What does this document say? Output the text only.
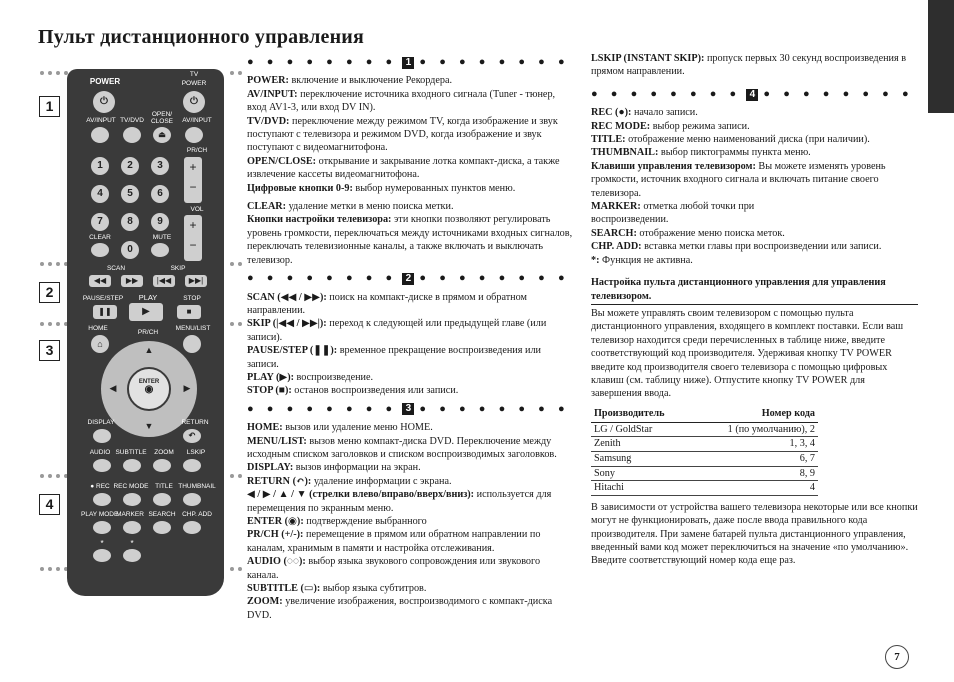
Пульт дистанционного управления
1
2
3
4
POWER
⏻
TV
POWER
⏻
AV/INPUT TV/DVD
OPEN/
CLOSE	AV/INPUT
⏏
PR/CH
+
−
VOL
+
−
1	2	3
4	5	6
7	8	9
CLEAR	MUTE
0
SCAN	SKIP
◀◀	▶▶	|◀◀	▶▶|
PAUSE/STEP	PLAY	STOP
❚❚	▶	■
HOME
PR/CH
MENU/LIST
⌂
▲
▼
◀	▶
ENTER
◉
DISPLAY	RETURN
↶
AUDIO SUBTITLE	ZOOM	LSKIP
● REC REC MODE	TITLE THUMBNAIL
PLAY MODE
MARKER SEARCH	CHP. ADD
*	*
● ● ● ● ● ● ● ● 1 ● ● ● ● ● ● ● ●

POWER: включение и выключение Рекордера.

AV/INPUT: переключение источника входного сигнала (Tuner - тюнер, вход AV1-3, или вход DV IN).

TV/DVD: переключение между режимом TV, когда изображение и звук поступают с телевизора и режимом DVD, когда изображение и звук поступают с видеомагнитофона.

OPEN/CLOSE: открывание и закрывание лотка компакт-диска, а также извлечение кассеты видеомагнитофона.

Цифровые кнопки 0-9: выбор нумерованных пунктов меню.

CLEAR: удаление метки в меню поиска метки.

Кнопки настройки телевизора: эти кнопки позволяют регулировать уровень громкости, переключаться между источниками входных сигналов, переключать телевизионные каналы, а также включать и выключать телевизор.

● ● ● ● ● ● ● ● 2 ● ● ● ● ● ● ● ●

SCAN (◀◀ / ▶▶): поиск на компакт-диске в прямом и обратном направлении.

SKIP (|◀◀ / ▶▶|): переход к следующей или предыдущей главе (или записи).

PAUSE/STEP (❚❚): временное прекращение воспроизведения или записи.

PLAY (▶): воспроизведение.

STOP (■): останов воспроизведения или записи.

● ● ● ● ● ● ● ● 3 ● ● ● ● ● ● ● ●

HOME: вызов или удаление меню HOME.

MENU/LIST: вызов меню компакт-диска DVD. Переключение между исходным списком заголовков и списком воспроизводимых заголовков.

DISPLAY: вызов информации на экран.

RETURN (↶): удаление информации с экрана.

◀ / ▶ / ▲ / ▼ (стрелки влево/вправо/вверх/вниз): используется для перемещения по экранным меню.

ENTER (◉): подтверждение выбранного

PR/CH (+/-): перемещение в прямом или обратном направлении по каналам, хранимым в памяти и настройка отслеживания.

AUDIO (◌◌): выбор языка звукового сопровождения или звукового канала.

SUBTITLE (▭): выбор языка субтитров.

ZOOM: увеличение изображения, воспроизводимого с компакт-диска DVD.

LSKIP (INSTANT SKIP): пропуск первых 30 секунд воспроизведения в прямом направлении.

● ● ● ● ● ● ● ● 4 ● ● ● ● ● ● ● ●

REC (●): начало записи.

REC MODE: выбор режима записи.

TITLE: отображение меню наименований диска (при наличии).

THUMBNAIL: выбор пиктограммы пункта меню.

Клавиши управления телевизором: Вы можете изменять уровень громкости, источник входного сигнала и включать питание своего телевизора.

MARKER: отметка любой точки при воспроизведении.

SEARCH: отображение меню поиска меток.

CHP. ADD: вставка метки главы при воспроизведении или записи.

*: Функция не активна.

Настройка пульта дистанционного управления для управления телевизором.

Вы можете управлять своим телевизором с помощью пульта дистанционного управления, входящего в комплект поставки. Если ваш телевизор находится среди перечисленных в таблице ниже, введите соответствующий код производителя. Удерживая кнопку TV POWER введите код производителя своего телевизора с помощью цифровых клавиш (см. таблицу ниже). Отпустите кнопку TV POWER для завершения ввода.

Производитель	Номер кода
LG / GoldStar	1 (по умолчанию), 2
Zenith	1, 3, 4
Samsung	6, 7
Sony	8, 9
Hitachi	4

В зависимости от устройства вашего телевизора некоторые или все кнопки могут не функционировать, даже после ввода правильного кода производителя. При замене батарей пульта дистанционного управления, введенный вами код может переключиться на значение «по умолчанию». Введите соответствующий номер кода еще раз.

7
